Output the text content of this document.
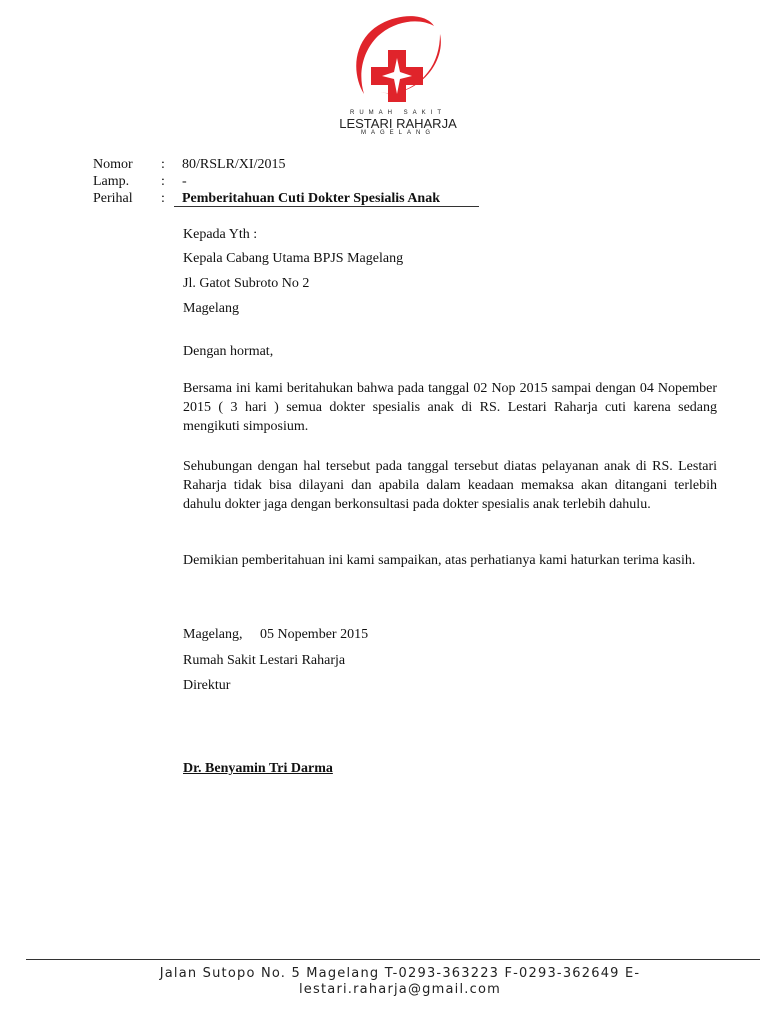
RUMAH SAKIT
LESTARI RAHARJA
MAGELANG
Nomor : 80/RSLR/XI/2015
Lamp. : -
Perihal : Pemberitahuan Cuti Dokter Spesialis Anak
Kepada Yth :
Kepala Cabang Utama BPJS Magelang
Jl. Gatot Subroto No 2
Magelang
Dengan hormat,
Bersama ini kami beritahukan bahwa pada tanggal 02 Nop 2015 sampai dengan 04 Nopember 2015 ( 3 hari ) semua dokter spesialis anak di RS. Lestari Raharja cuti karena sedang mengikuti simposium.
Sehubungan dengan hal tersebut pada tanggal tersebut diatas pelayanan anak di RS. Lestari Raharja tidak bisa dilayani dan apabila dalam keadaan memaksa akan ditangani terlebih dahulu dokter jaga dengan berkonsultasi pada dokter spesialis anak terlebih dahulu.
Demikian pemberitahuan ini kami sampaikan, atas perhatianya kami haturkan terima kasih.
Magelang,     05 Nopember 2015
Rumah Sakit Lestari Raharja
Direktur
Dr. Benyamin Tri Darma
Jalan Sutopo No. 5 Magelang T-0293-363223 F-0293-362649 E-
lestari.raharja@gmail.com
